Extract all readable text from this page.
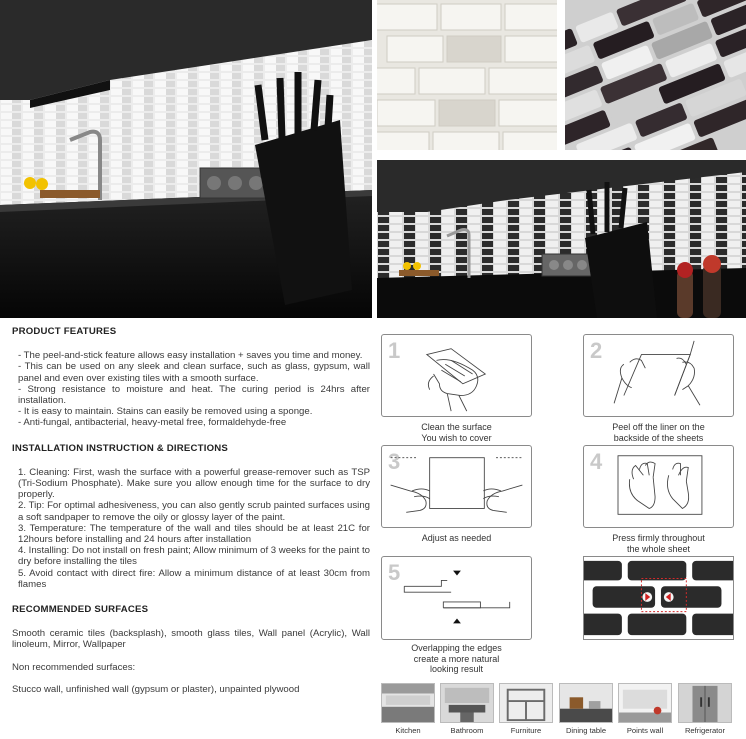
PRODUCT FEATURES
- The peel-and-stick feature allows easy installation + saves you time and money.
- This can be used on any sleek and clean surface, such as glass, gypsum, wall panel and even over existing tiles with a smooth surface.
- Strong resistance to moisture and heat. The curing period is 24hrs after installation.
- It is easy to maintain. Stains can easily be removed using a sponge.
- Anti-fungal, antibacterial, heavy-metal free, formaldehyde-free
INSTALLATION INSTRUCTION & DIRECTIONS
1. Cleaning: First, wash the surface with a powerful grease-remover such as TSP (Tri-Sodium Phosphate). Make sure you allow enough time for the surface to dry properly.
2. Tip: For optimal adhesiveness, you can also gently scrub painted surfaces using a soft sandpaper to remove the oily or glossy layer of the paint.
3. Temperature: The temperature of the wall and tiles should be at least 21C for 12hours before installing and 24 hours after installation
4. Installing: Do not install on fresh paint; Allow minimum of 3 weeks for the paint to dry before installing the tiles
5. Avoid contact with direct fire: Allow a minimum distance of at least 30cm from flames
RECOMMENDED SURFACES

Smooth ceramic tiles (backsplash), smooth glass tiles, Wall panel (Acrylic), Wall linoleum, Mirror, Wallpaper

Non recommended surfaces:

Stucco wall, unfinished wall (gypsum or plaster), unpainted plywood

1
Clean the surface
You wish to cover
2
Peel off the liner on the
backside of the sheets
3
Adjust as needed
4
Press firmly throughout
the whole sheet
5
Overlapping the edges
create a more natural
looking result
Kitchen	Bathroom	Furniture	Dining table	Points wall	Refrigerator
